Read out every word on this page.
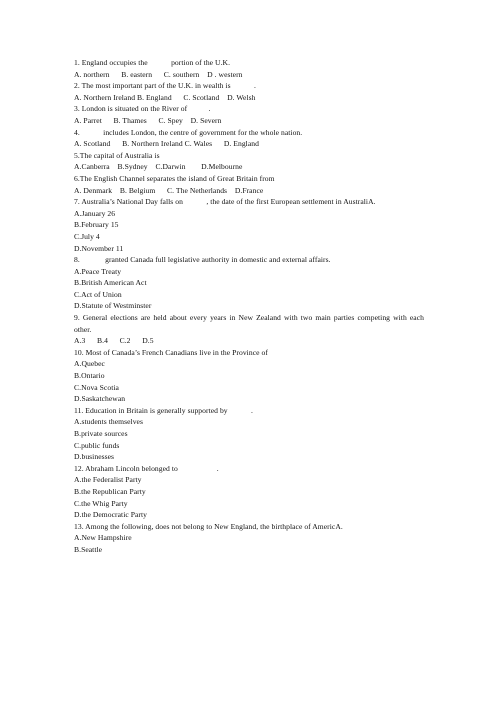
1. England occupies the            portion of the U.K.
A. northern      B. eastern      C. southern    D . western
2. The most important part of the U.K. in wealth is            .
A. Northern Ireland B. England      C. Scotland    D. Welsh
3. London is situated on the River of           .
A. Parret      B. Thames      C. Spey    D. Severn
4.            includes London, the centre of government for the whole nation.
A. Scotland      B. Northern Ireland C. Wales      D. England
5.The capital of Australia is
A.Canberra    B.Sydney    C.Darwin        D.Melbourne
6.The English Channel separates the island of Great Britain from
A. Denmark    B. Belgium      C. The Netherlands    D.France
7. Australia’s National Day falls on            , the date of the first European settlement in AustraliA.
A.January 26
B.February 15
C.July 4
D.November 11
8.             granted Canada full legislative authority in domestic and external affairs.
A.Peace Treaty
B.British American Act
C.Act of Union
D.Statute of Westminster
9. General elections are held about every years in New Zealand with two main parties competing with each other.
A.3      B.4      C.2      D.5
10. Most of Canada’s French Canadians live in the Province of
A.Quebec
B.Ontario
C.Nova Scotia
D.Saskatchewan
11. Education in Britain is generally supported by            .
A.students themselves
B.private sources
C.public funds
D.businesses
12. Abraham Lincoln belonged to                    .
A.the Federalist Party
B.the Republican Party
C.the Whig Party
D.the Democratic Party
13. Among the following, does not belong to New England, the birthplace of AmericA.
A.New Hampshire
B.Seattle
